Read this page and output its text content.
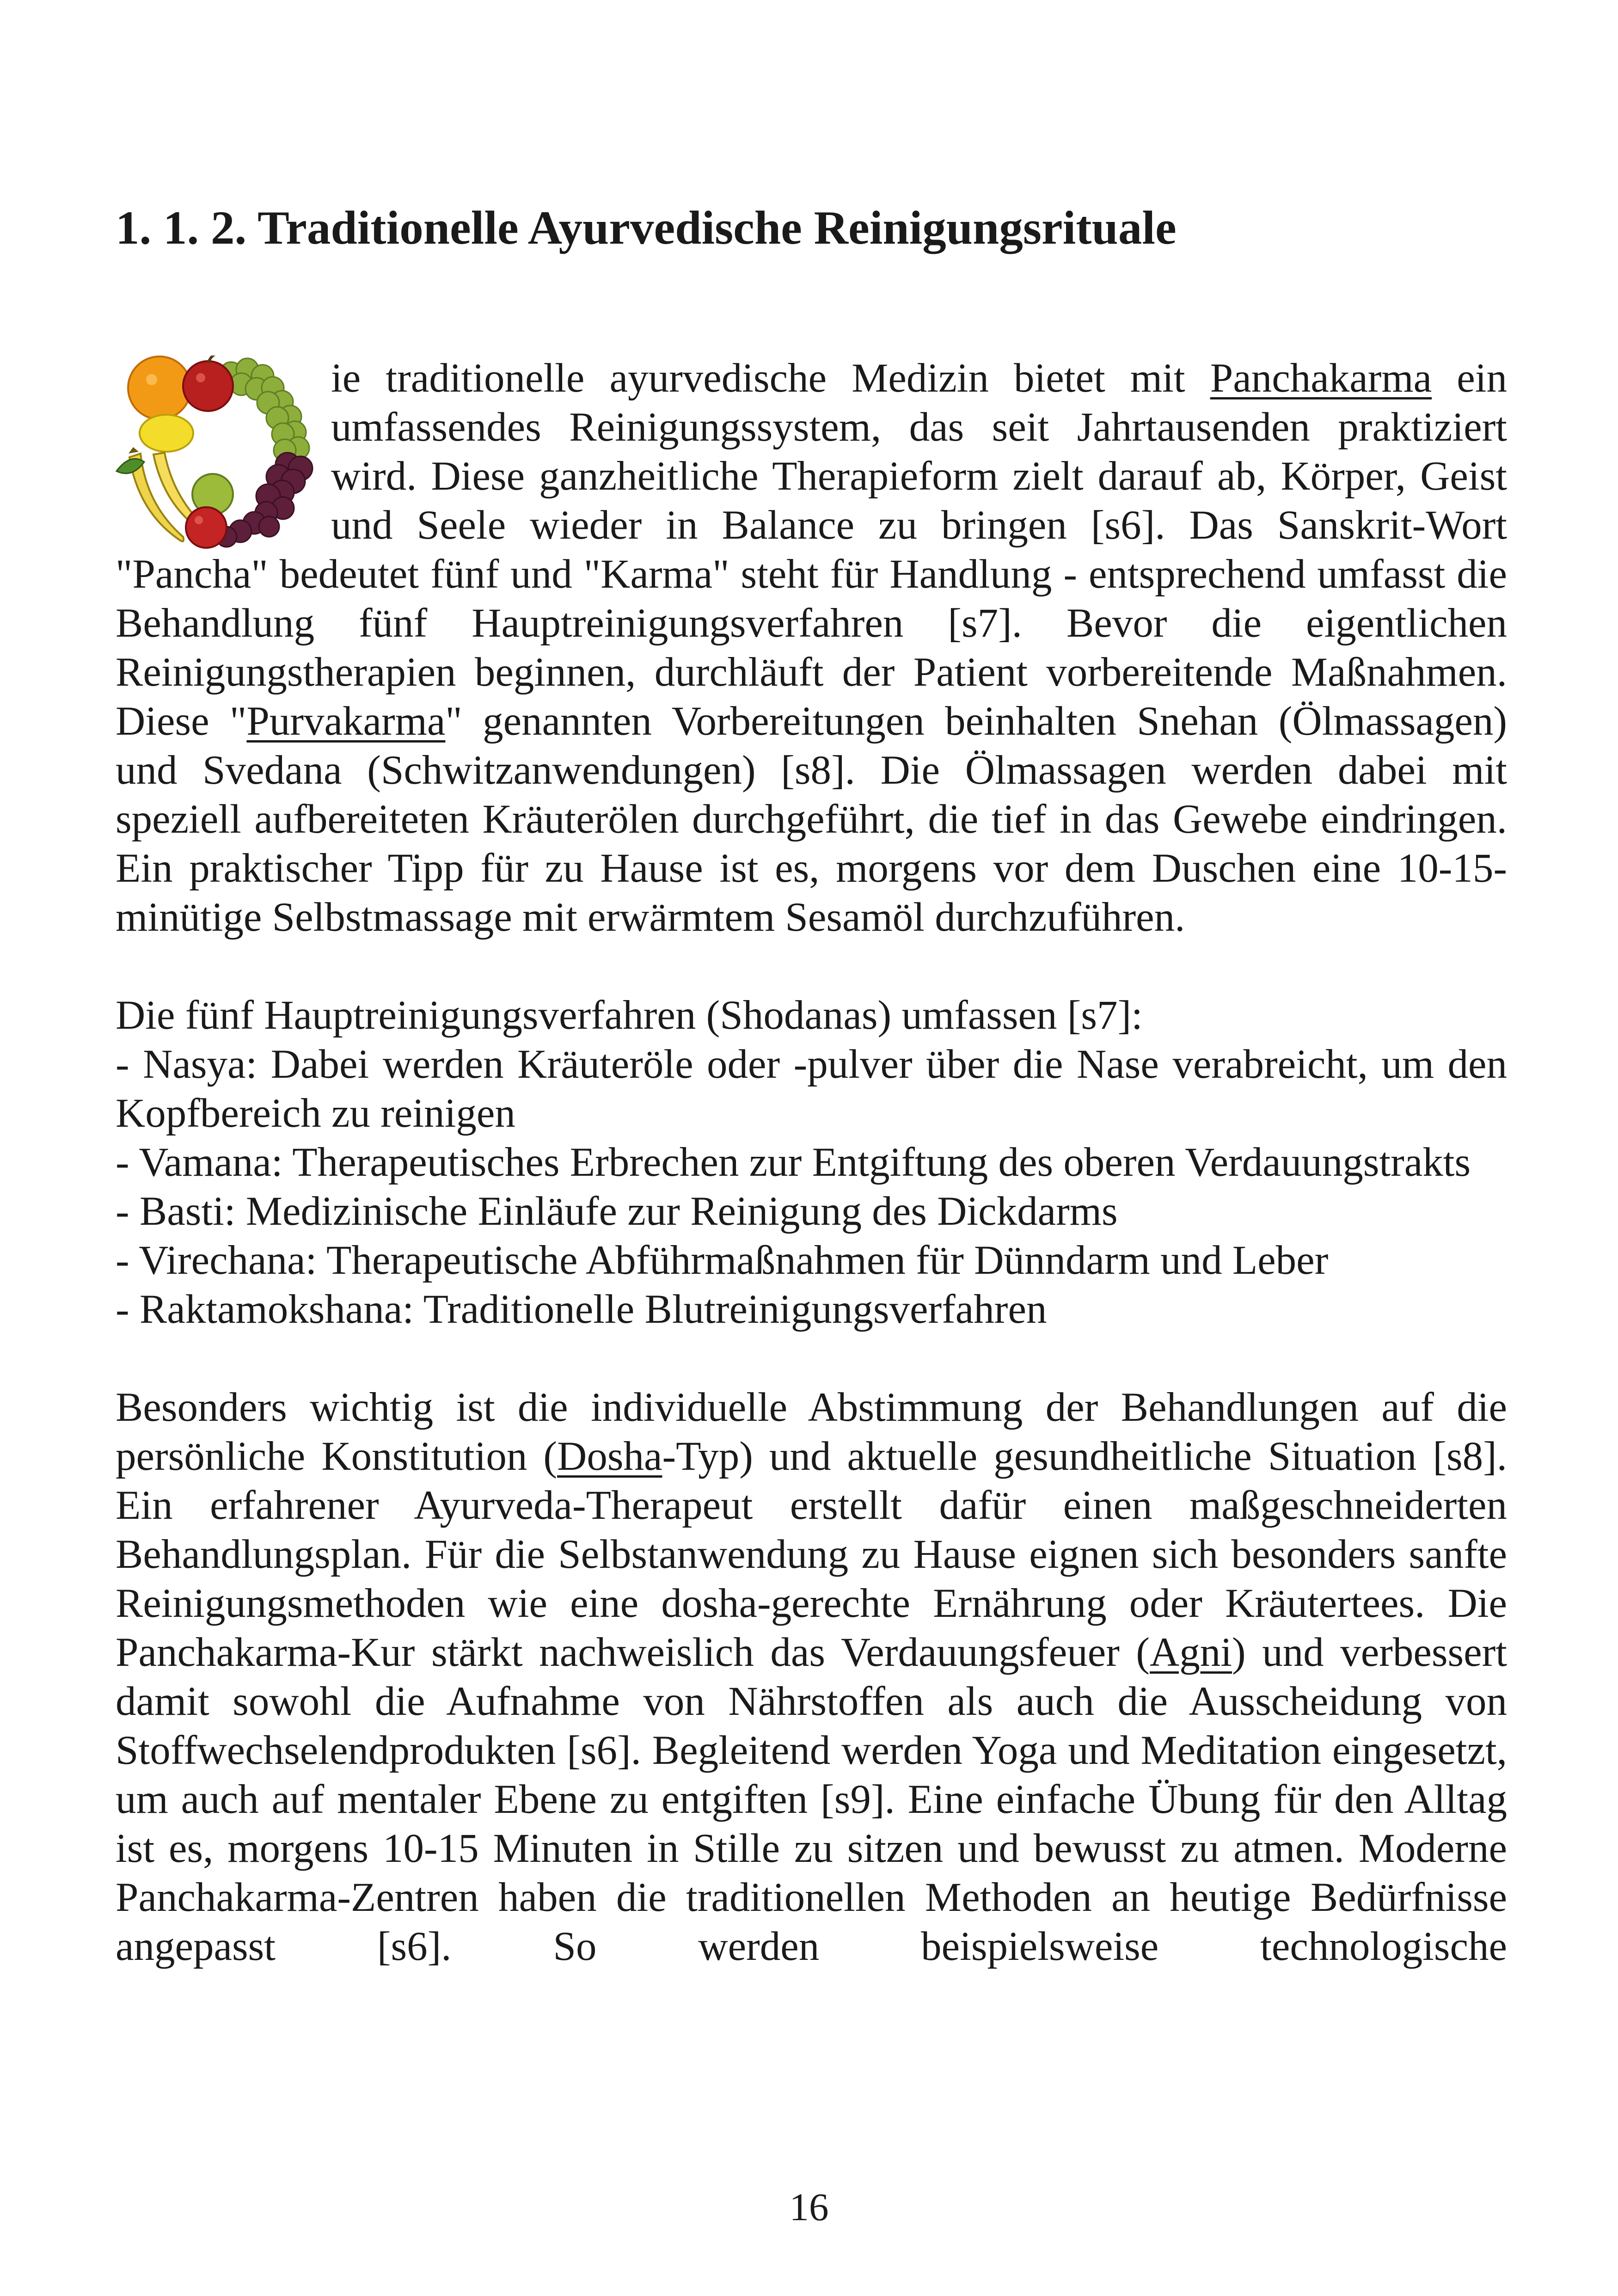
1. 1. 2. Traditionelle Ayurvedische Reinigungsrituale

ie traditionelle ayurvedische Medizin bietet mit Panchakarma ein umfassendes Reinigungssystem, das seit Jahrtausenden praktiziert wird. Diese ganzheitliche Therapieform zielt darauf ab, Körper, Geist und Seele wieder in Balance zu bringen [s6]. Das Sanskrit-Wort "Pancha" bedeutet fünf und "Karma" steht für Handlung - entsprechend umfasst die Behandlung fünf Hauptreinigungsverfahren [s7]. Bevor die eigentlichen Reinigungstherapien beginnen, durchläuft der Patient vorbereitende Maßnahmen. Diese "Purvakarma" genannten Vorbereitungen beinhalten Snehan (Ölmassagen) und Svedana (Schwitzanwendungen) [s8]. Die Ölmassagen werden dabei mit speziell aufbereiteten Kräuterölen durchgeführt, die tief in das Gewebe eindringen. Ein praktischer Tipp für zu Hause ist es, morgens vor dem Duschen eine 10-15-minütige Selbstmassage mit erwärmtem Sesamöl durchzuführen.

Die fünf Hauptreinigungsverfahren (Shodanas) umfassen [s7]:
- Nasya: Dabei werden Kräuteröle oder -pulver über die Nase verabreicht, um den Kopfbereich zu reinigen
- Vamana: Therapeutisches Erbrechen zur Entgiftung des oberen Verdauungstrakts
- Basti: Medizinische Einläufe zur Reinigung des Dickdarms
- Virechana: Therapeutische Abführmaßnahmen für Dünndarm und Leber
- Raktamokshana: Traditionelle Blutreinigungsverfahren

Besonders wichtig ist die individuelle Abstimmung der Behandlungen auf die persönliche Konstitution (Dosha-Typ) und aktuelle gesundheitliche Situation [s8]. Ein erfahrener Ayurveda-Therapeut erstellt dafür einen maßgeschneiderten Behandlungsplan. Für die Selbstanwendung zu Hause eignen sich besonders sanfte Reinigungsmethoden wie eine dosha-gerechte Ernährung oder Kräutertees. Die Panchakarma-Kur stärkt nachweislich das Verdauungsfeuer (Agni) und verbessert damit sowohl die Aufnahme von Nährstoffen als auch die Ausscheidung von Stoffwechselendprodukten [s6]. Begleitend werden Yoga und Meditation eingesetzt, um auch auf mentaler Ebene zu entgiften [s9]. Eine einfache Übung für den Alltag ist es, morgens 10-15 Minuten in Stille zu sitzen und bewusst zu atmen. Moderne Panchakarma-Zentren haben die traditionellen Methoden an heutige Bedürfnisse angepasst [s6]. So werden beispielsweise technologische

16
